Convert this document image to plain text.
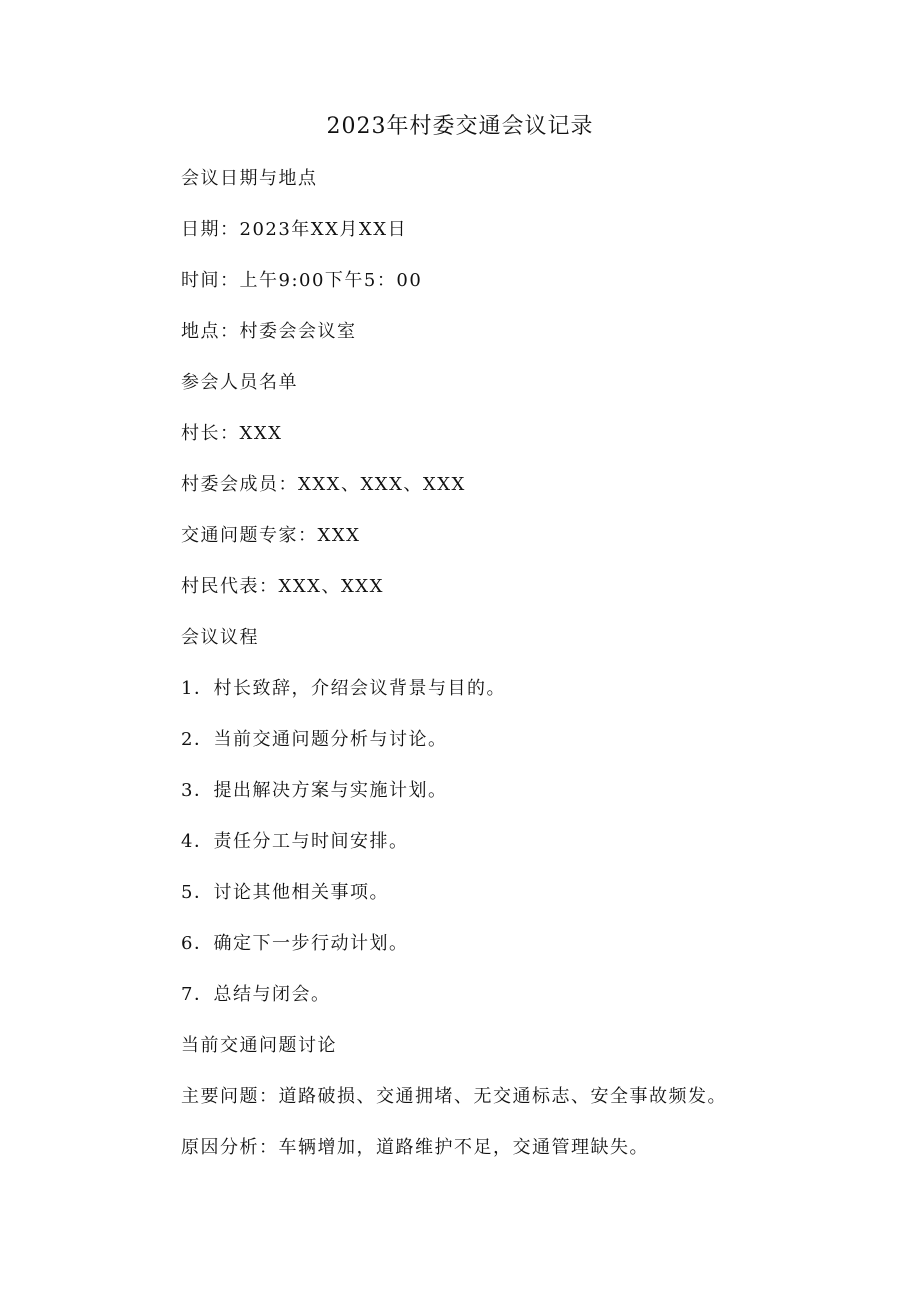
2023年村委交通会议记录
会议日期与地点
日期：2023年XX月XX日
时间：上午9:00下午5：00
地点：村委会会议室
参会人员名单
村长：XXX
村委会成员：XXX、XXX、XXX
交通问题专家：XXX
村民代表：XXX、XXX
会议议程
1．村长致辞，介绍会议背景与目的。
2．当前交通问题分析与讨论。
3．提出解决方案与实施计划。
4．责任分工与时间安排。
5．讨论其他相关事项。
6．确定下一步行动计划。
7．总结与闭会。
当前交通问题讨论
主要问题：道路破损、交通拥堵、无交通标志、安全事故频发。
原因分析：车辆增加，道路维护不足，交通管理缺失。
